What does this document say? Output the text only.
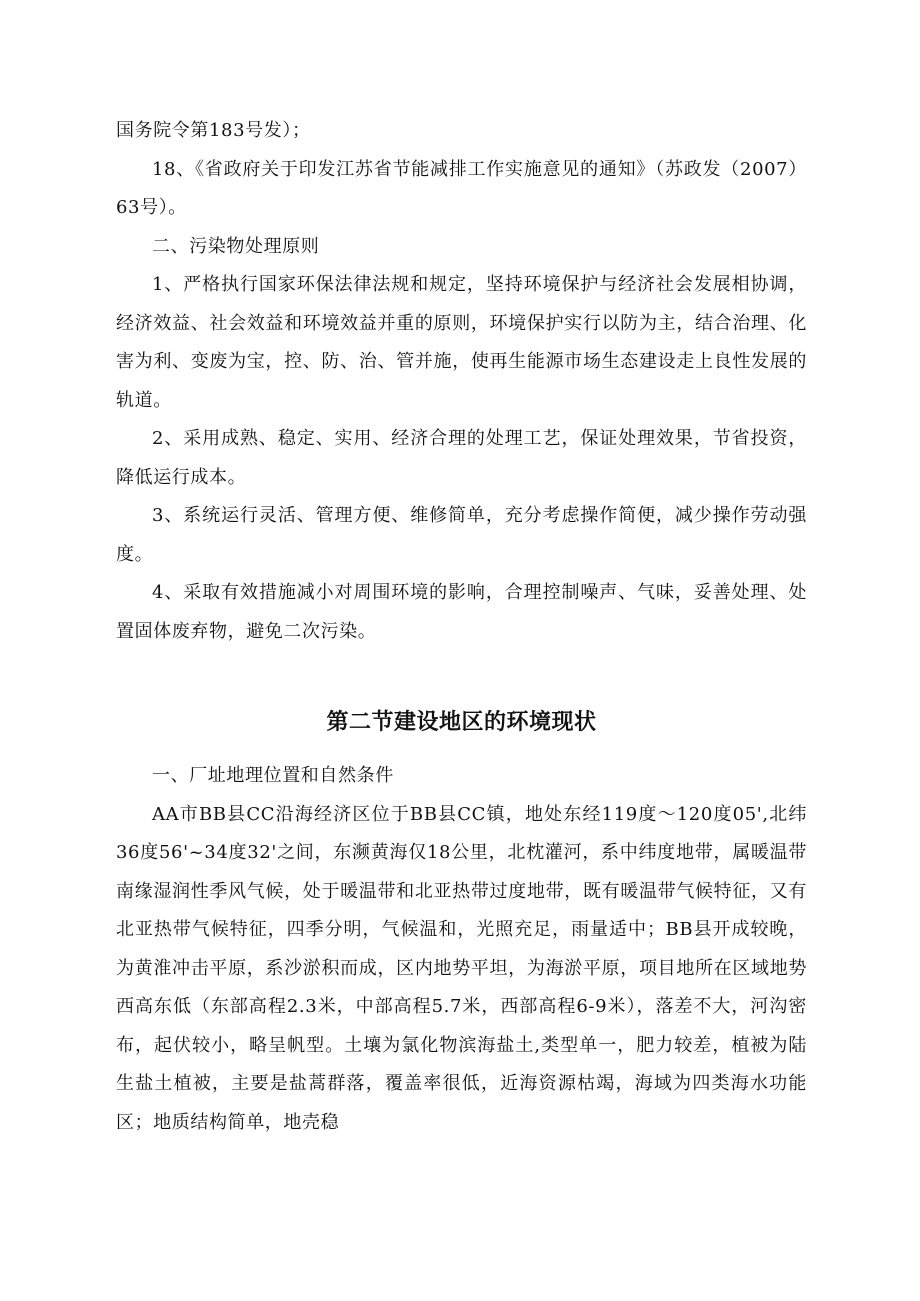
国务院令第183号发）；

18、《省政府关于印发江苏省节能减排工作实施意见的通知》（苏政发（2007）63号）。

二、污染物处理原则

1、严格执行国家环保法律法规和规定，坚持环境保护与经济社会发展相协调，经济效益、社会效益和环境效益并重的原则，环境保护实行以防为主，结合治理、化害为利、变废为宝，控、防、治、管并施，使再生能源市场生态建设走上良性发展的轨道。

2、采用成熟、稳定、实用、经济合理的处理工艺，保证处理效果，节省投资，降低运行成本。

3、系统运行灵活、管理方便、维修简单，充分考虑操作简便，减少操作劳动强度。

4、采取有效措施减小对周围环境的影响，合理控制噪声、气味，妥善处理、处置固体废弃物，避免二次污染。

第二节建设地区的环境现状

一、厂址地理位置和自然条件

AA市BB县CC沿海经济区位于BB县CC镇，地处东经119度～120度05',北纬36度56'~34度32'之间，东濒黄海仅18公里，北枕灌河，系中纬度地带，属暖温带南缘湿润性季风气候，处于暖温带和北亚热带过度地带，既有暖温带气候特征，又有北亚热带气候特征，四季分明，气候温和，光照充足，雨量适中；BB县开成较晚，为黄淮冲击平原，系沙淤积而成，区内地势平坦，为海淤平原，项目地所在区域地势西高东低（东部高程2.3米，中部高程5.7米，西部高程6-9米），落差不大，河沟密布，起伏较小，略呈帆型。土壤为氯化物滨海盐土,类型单一，肥力较差，植被为陆生盐土植被，主要是盐蒿群落，覆盖率很低，近海资源枯竭，海域为四类海水功能区；地质结构简单，地壳稳
